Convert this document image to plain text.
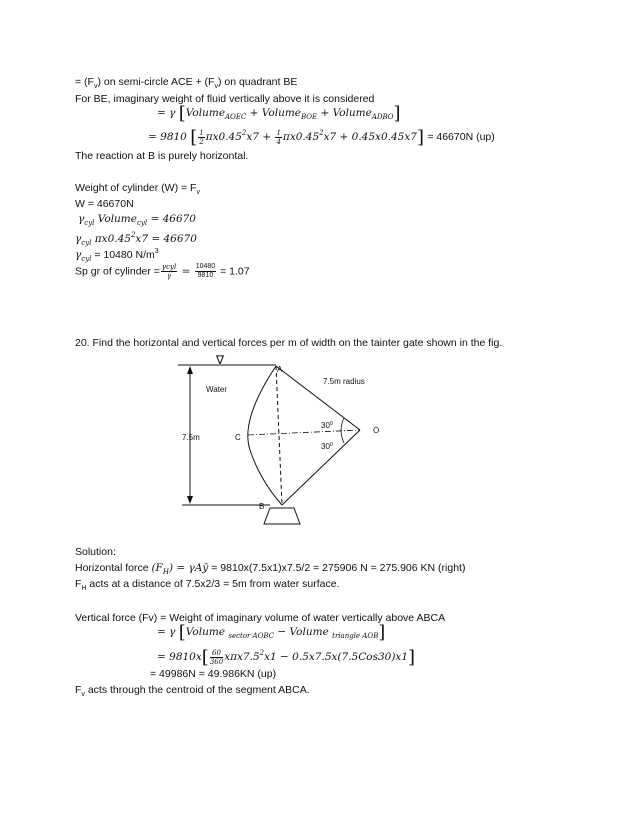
= $(F_v)$ on semi-circle ACE + $(F_v)$ on quadrant BE
For BE, imaginary weight of fluid vertically above it is considered
= γ [Volume$_{AOEC}$ + Volume$_{BOE}$ + Volume$_{ADBO}$]
= 9810 [ $\frac{1}{2} \pi x0.45^2x7 + \frac{1}{4} \pi x0.45^2x7 + 0.45x0.45x7] = 46670N$ (up)
The reaction at B is purely horizontal.
Weight of cylinder $(W) = F_v$
W = 46670N
$\gamma_{cyl}$ Volume$_{cyl}$ = 46670
$\gamma_{cyl}$ $\pi x0.45^2x7 = 46670$
$\gamma_{cyl} = 10480$ $N/m^3$
Sp gr of cylinder = $\frac{\text{γcyl}}{\gamma} = \frac{10480}{9810} = 1.07$
20. Find the horizontal and vertical forces per m of width on the tainter gate shown in the fig.
∇
A
B
C
O
Water
7.5m radius
7.5m
$30^0$
$30^0$
Solution:
Horizontal force $(F_H)$ = γAȳ = 9810x(7.5x1)x7.5/2 = 275906 N = 275.906 KN (right)
$F_H$ acts at a distance of 7.5x2/3 = 5m from water surface.
Vertical force (Fv) = Weight of imaginary volume of water vertically above ABCA
= γ [Volume $_{sector AOBC}$ − Volume $_{triangle AOB}$]
= $9810x[ \frac{60}{360} x\pi x7.5^2x1 - 0.5x7.5x(7.5Cos30)x1]$
= 49986N = 49.986KN (up)
$F_v$ acts through the centroid of the segment ABCA.
